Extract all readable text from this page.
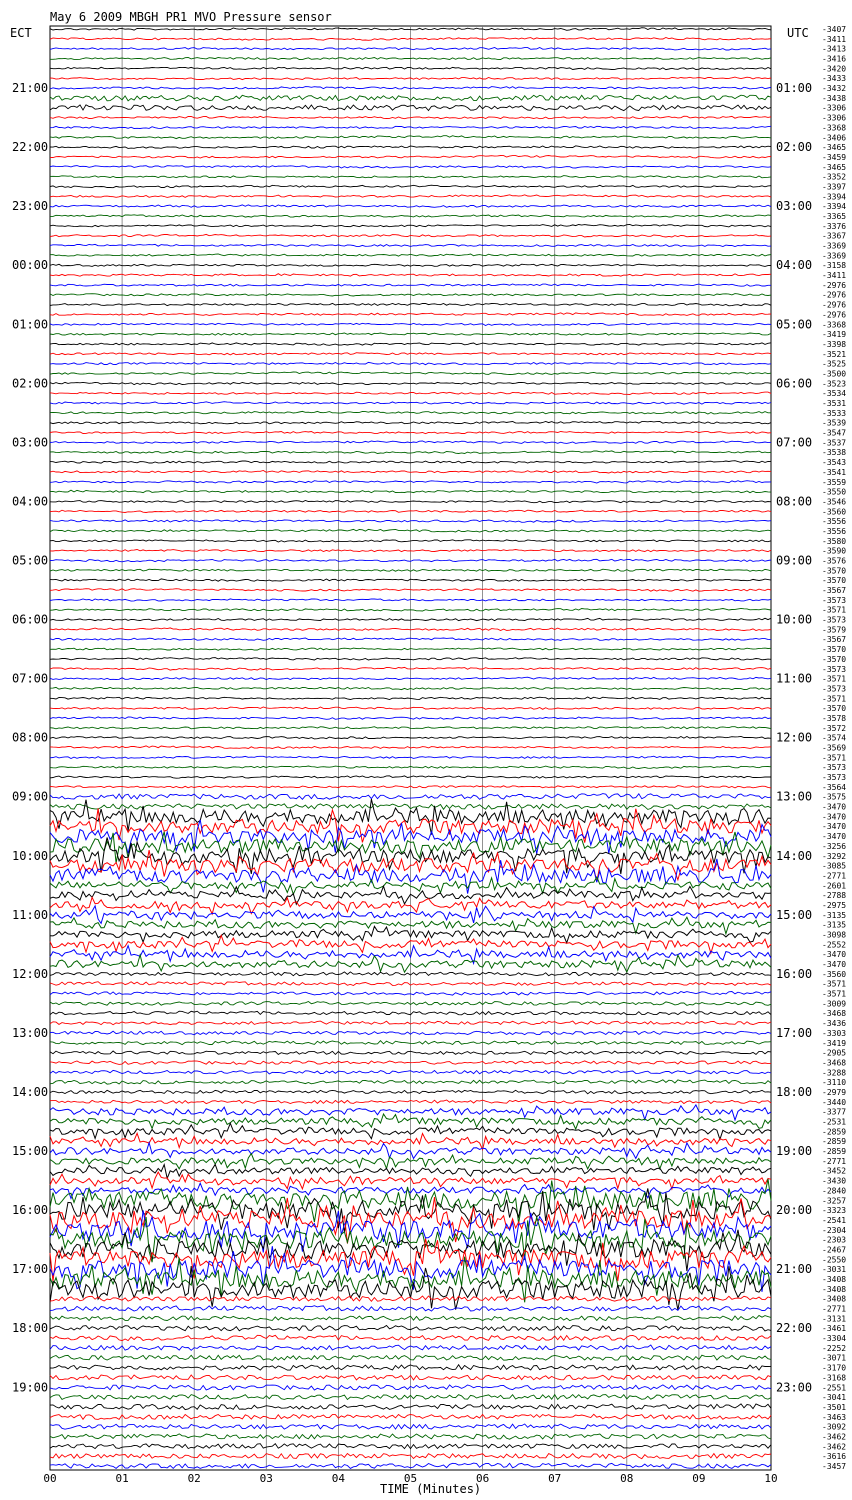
May 6 2009 MBGH PR1 MVO Pressure sensor
ECT	UTC
21:00
22:00
23:00
00:00
01:00
02:00
03:00
04:00
05:00
06:00
07:00
08:00
09:00
10:00
11:00
12:00
13:00
14:00
15:00
16:00
17:00
18:00
19:00
01:00
02:00
03:00
04:00
05:00
06:00
07:00
08:00
09:00
10:00
11:00
12:00
13:00
14:00
15:00
16:00
17:00
18:00
19:00
20:00
21:00
22:00
23:00
-3407
-3411
-3413
-3416
-3420
-3433
-3432
-3438
-3306
-3306
-3368
-3406
-3465
-3459
-3465
-3352
-3397
-3394
-3394
-3365
-3376
-3367
-3369
-3369
-3158
-3411
-2976
-2976
-2976
-2976
-3368
-3419
-3398
-3521
-3525
-3500
-3523
-3534
-3531
-3533
-3539
-3547
-3537
-3538
-3543
-3541
-3559
-3550
-3546
-3560
-3556
-3556
-3580
-3590
-3576
-3570
-3570
-3567
-3573
-3571
-3573
-3579
-3567
-3570
-3570
-3573
-3571
-3573
-3571
-3570
-3578
-3572
-3574
-3569
-3571
-3573
-3573
-3564
-3575
-3470
-3470
-3470
-3470
-3256
-3292
-3085
-2771
-2601
-2788
-2975
-3135
-3135
-3098
-2552
-3470
-3470
-3560
-3571
-3571
-3009
-3468
-3436
-3303
-3419
-2905
-3468
-3288
-3110
-2979
-3440
-3377
-2531
-2859
-2859
-2859
-2771
-3452
-3430
-2840
-3257
-3323
-2541
-2304
-2303
-2467
-2550
-3031
-3408
-3408
-3408
-2771
-3131
-3461
-3304
-2252
-3071
-3170
-3168
-2551
-3041
-3501
-3463
-3092
-3462
-3462
-3616
-3457
00	01	02	03	04	05	06	07	08	09	10
TIME (Minutes)
